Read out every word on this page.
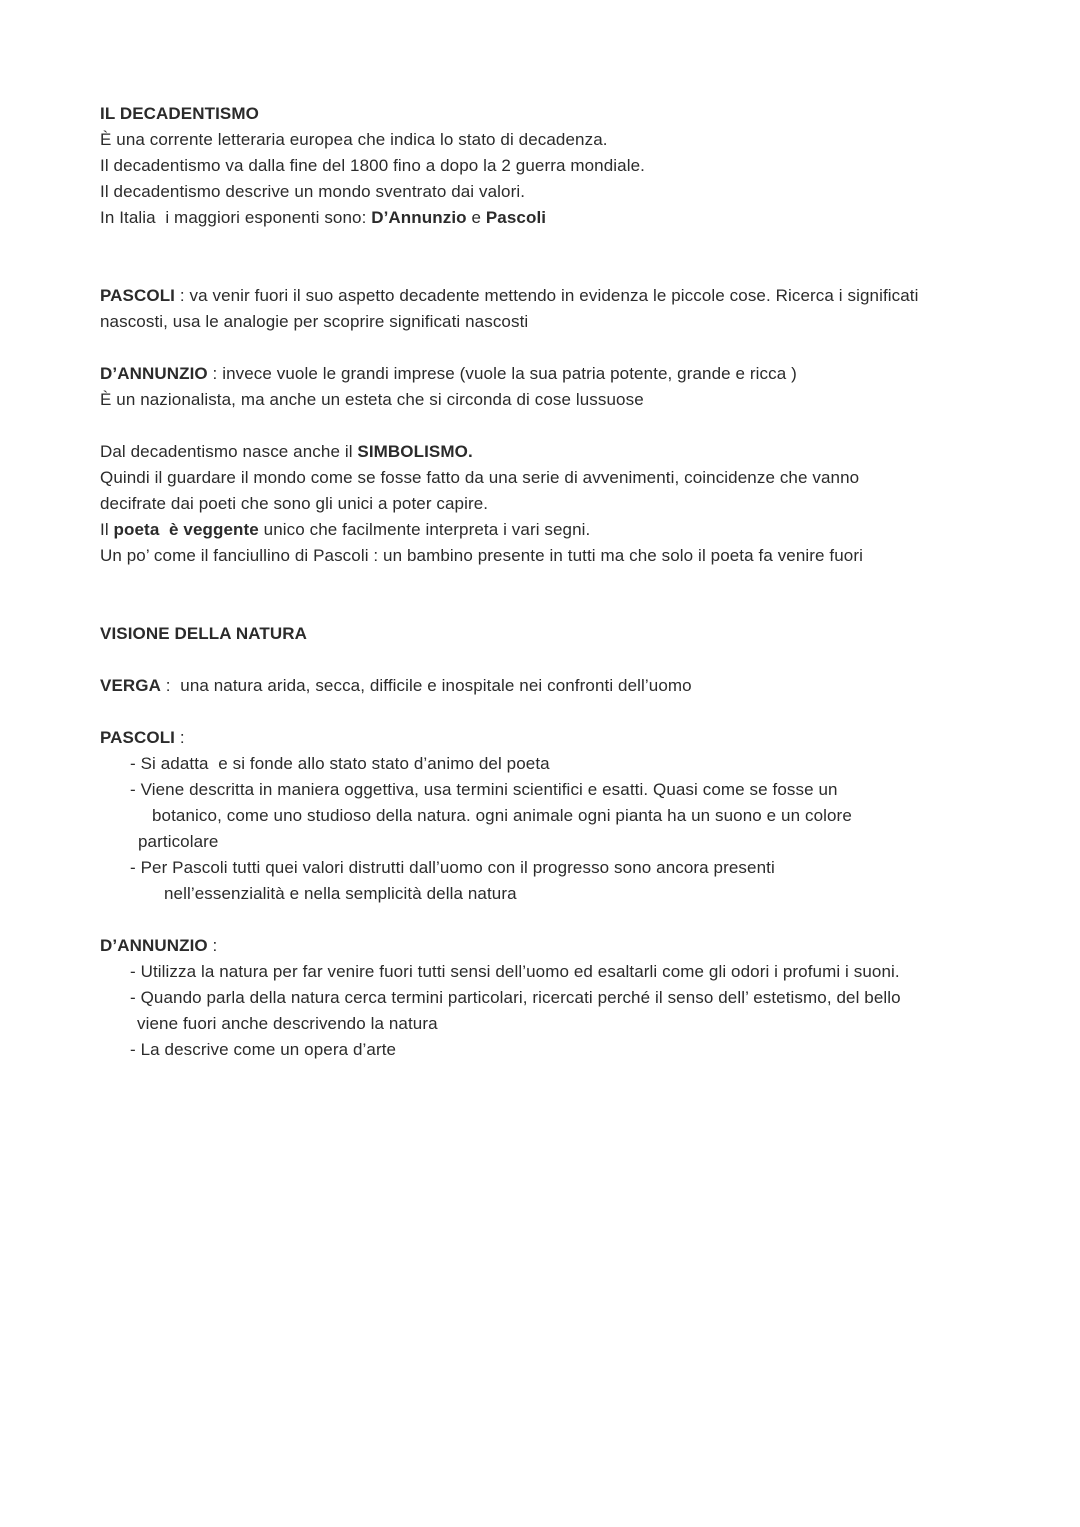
IL DECADENTISMO
È una corrente letteraria europea che indica lo stato di decadenza.
Il decadentismo va dalla fine del 1800 fino a dopo la 2 guerra mondiale.
Il decadentismo descrive un mondo sventrato dai valori.
In Italia  i maggiori esponenti sono: D’Annunzio e Pascoli

PASCOLI : va venir fuori il suo aspetto decadente mettendo in evidenza le piccole cose. Ricerca i significati
nascosti, usa le analogie per scoprire significati nascosti

D’ANNUNZIO : invece vuole le grandi imprese (vuole la sua patria potente, grande e ricca )
È un nazionalista, ma anche un esteta che si circonda di cose lussuose

Dal decadentismo nasce anche il SIMBOLISMO.
Quindi il guardare il mondo come se fosse fatto da una serie di avvenimenti, coincidenze che vanno
decifrate dai poeti che sono gli unici a poter capire.
Il poeta  è veggente unico che facilmente interpreta i vari segni.
Un po’ come il fanciullino di Pascoli : un bambino presente in tutti ma che solo il poeta fa venire fuori

VISIONE DELLA NATURA

VERGA :  una natura arida, secca, difficile e inospitale nei confronti dell’uomo

PASCOLI :
- Si adatta  e si fonde allo stato stato d’animo del poeta
- Viene descritta in maniera oggettiva, usa termini scientifici e esatti. Quasi come se fosse un
botanico, come uno studioso della natura. ogni animale ogni pianta ha un suono e un colore
particolare
- Per Pascoli tutti quei valori distrutti dall’uomo con il progresso sono ancora presenti
nell’essenzialità e nella semplicità della natura

D’ANNUNZIO :
- Utilizza la natura per far venire fuori tutti sensi dell’uomo ed esaltarli come gli odori i profumi i suoni.
- Quando parla della natura cerca termini particolari, ricercati perché il senso dell’ estetismo, del bello
viene fuori anche descrivendo la natura
- La descrive come un opera d’arte
